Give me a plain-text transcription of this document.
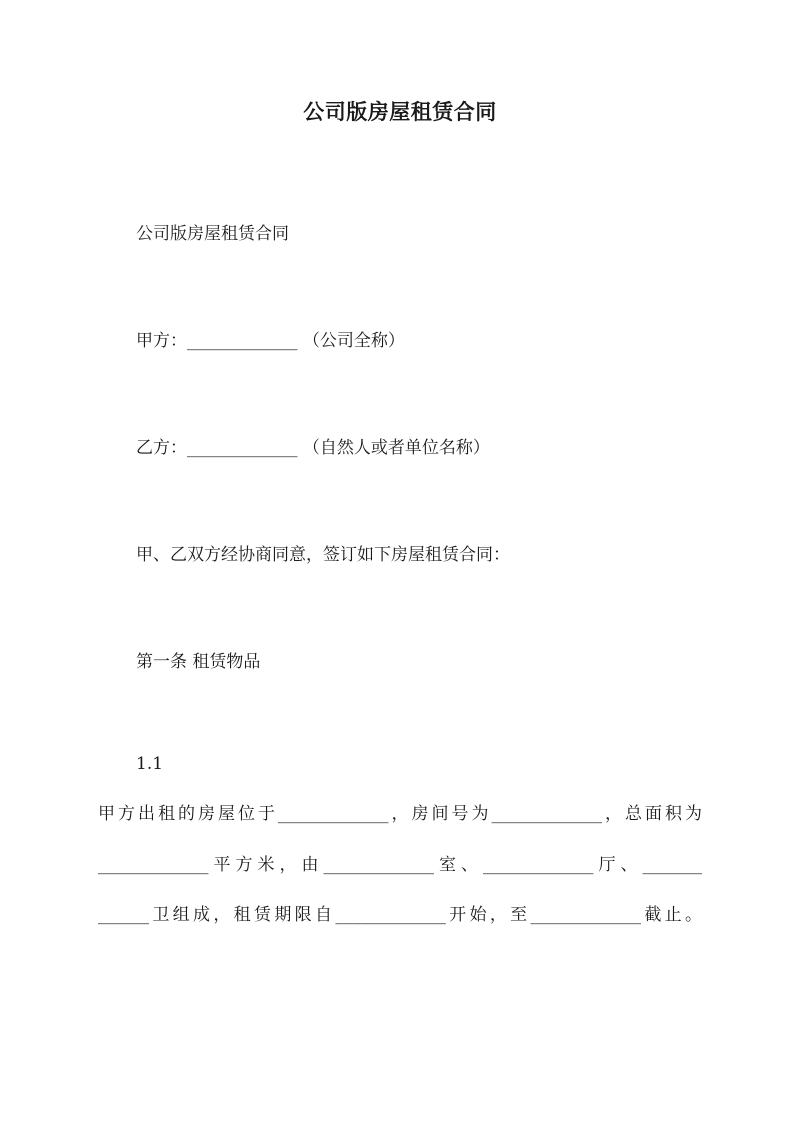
公司版房屋租赁合同
公司版房屋租赁合同
甲方：_____________ （公司全称）
乙方：_____________ （自然人或者单位名称）
甲、乙双方经协商同意，签订如下房屋租赁合同：
第一条 租赁物品
1.1
甲方出租的房屋位于_____________，房间号为_____________，总面积为
_____________平方米，由_____________室、_____________厅、_______
______卫组成，租赁期限自_____________开始，至_____________截止。
